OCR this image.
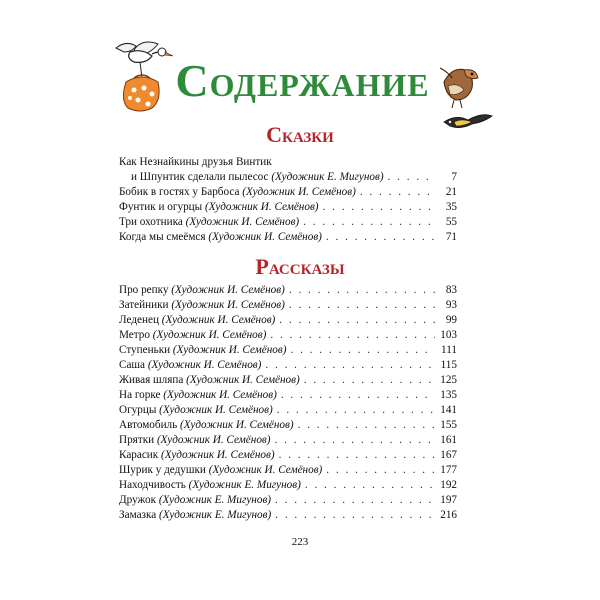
Содержание
Сказки
Как Незнайкины друзья Винтик
и Шпунтик сделали пылесос (Художник Е. Мигунов) . . .	7
Бобик в гостях у Барбоса (Художник И. Семёнов) . . .	21
Фунтик и огурцы (Художник И. Семёнов) . . .	35
Три охотника (Художник И. Семёнов) . . .	55
Когда мы смеёмся (Художник И. Семёнов) . . .	71
Рассказы
Про репку (Художник И. Семёнов) . . .	83
Затейники (Художник И. Семёнов) . . .	93
Леденец (Художник И. Семёнов) . . .	99
Метро (Художник И. Семёнов) . . .	103
Ступеньки (Художник И. Семёнов) . . .	111
Саша (Художник И. Семёнов) . . .	115
Живая шляпа (Художник И. Семёнов) . . .	125
На горке (Художник И. Семёнов) . . .	135
Огурцы (Художник И. Семёнов) . . .	141
Автомобиль (Художник И. Семёнов) . . .	155
Прятки (Художник И. Семёнов) . . .	161
Карасик (Художник И. Семёнов) . . .	167
Шурик у дедушки (Художник И. Семёнов) . . .	177
Находчивость (Художник Е. Мигунов) . . .	192
Дружок (Художник Е. Мигунов) . . .	197
Замазка (Художник Е. Мигунов) . . .	216
223
